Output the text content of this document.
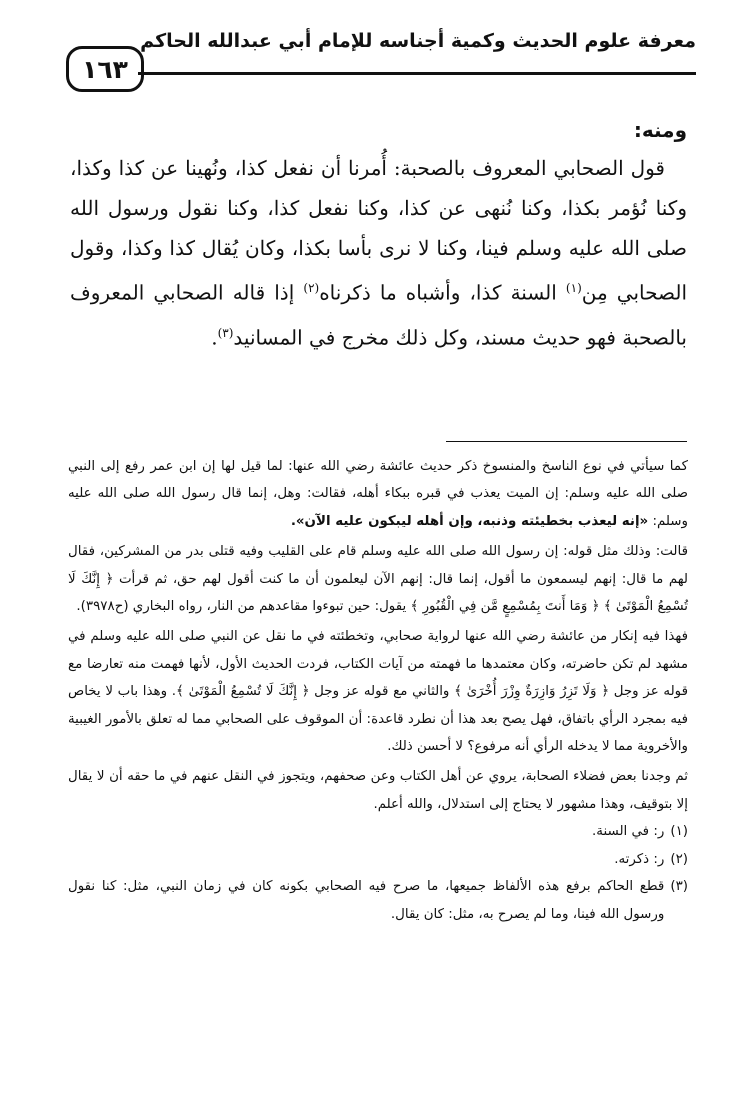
١٦٣
معرفة علوم الحديث وكمية أجناسه للإمام أبي عبدالله الحاكم
ومنه:

قول الصحابي المعروف بالصحبة: أُمرنا أن نفعل كذا، ونُهينا عن كذا وكذا، وكنا نُؤمر بكذا، وكنا نُنهى عن كذا، وكنا نفعل كذا، وكنا نقول ورسول الله صلى الله عليه وسلم فينا، وكنا لا نرى بأسا بكذا، وكان يُقال كذا وكذا، وقول الصحابي مِن$^{(١)}$ السنة كذا، وأشباه ما ذكرناه$^{(٢)}$ إذا قاله الصحابي المعروف بالصحبة فهو حديث مسند، وكل ذلك مخرج في المسانيد$^{(٣)}$.

كما سيأتي في نوع الناسخ والمنسوخ ذكر حديث عائشة رضي الله عنها: لما قيل لها إن ابن عمر رفع إلى النبي صلى الله عليه وسلم: إن الميت يعذب في قبره ببكاء أهله، فقالت: وهل، إنما قال رسول الله صلى الله عليه وسلم: «إنه ليعذب بخطيئته وذنبه، وإن أهله ليبكون عليه الآن».

قالت: وذلك مثل قوله: إن رسول الله صلى الله عليه وسلم قام على القليب وفيه قتلى بدر من المشركين، فقال لهم ما قال: إنهم ليسمعون ما أقول، إنما قال: إنهم الآن ليعلمون أن ما كنت أقول لهم حق، ثم قرأت ﴿ إِنَّكَ لَا تُسْمِعُ الْمَوْتَىٰ ﴾ ﴿ وَمَا أَنتَ بِمُسْمِعٍ مَّن فِي الْقُبُورِ ﴾ يقول: حين تبوءوا مقاعدهم من النار، رواه البخاري (ح٣٩٧٨).

فهذا فيه إنكار من عائشة رضي الله عنها لرواية صحابي، وتخطئته في ما نقل عن النبي صلى الله عليه وسلم في مشهد لم تكن حاضرته، وكان معتمدها ما فهمته من آيات الكتاب، فردت الحديث الأول، لأنها فهمت منه تعارضا مع قوله عز وجل ﴿ وَلَا تَزِرُ وَازِرَةٌ وِزْرَ أُخْرَىٰ ﴾ والثاني مع قوله عز وجل ﴿ إِنَّكَ لَا تُسْمِعُ الْمَوْتَىٰ ﴾. وهذا باب لا يخاص فيه بمجرد الرأي باتفاق، فهل يصح بعد هذا أن نطرد قاعدة: أن الموقوف على الصحابي مما له تعلق بالأمور الغيبية والأخروية مما لا يدخله الرأي أنه مرفوع؟ لا أحسن ذلك.

ثم وجدنا بعض فضلاء الصحابة، يروي عن أهل الكتاب وعن صحفهم، ويتجوز في النقل عنهم في ما حقه أن لا يقال إلا بتوقيف، وهذا مشهور لا يحتاج إلى استدلال، والله أعلم.

(١)
ر: في السنة.
(٢)
ر: ذكرته.
(٣)
قطع الحاكم برفع هذه الألفاظ جميعها، ما صرح فيه الصحابي بكونه كان في زمان النبي، مثل: كنا نقول ورسول الله فينا، وما لم يصرح به، مثل: كان يقال.
